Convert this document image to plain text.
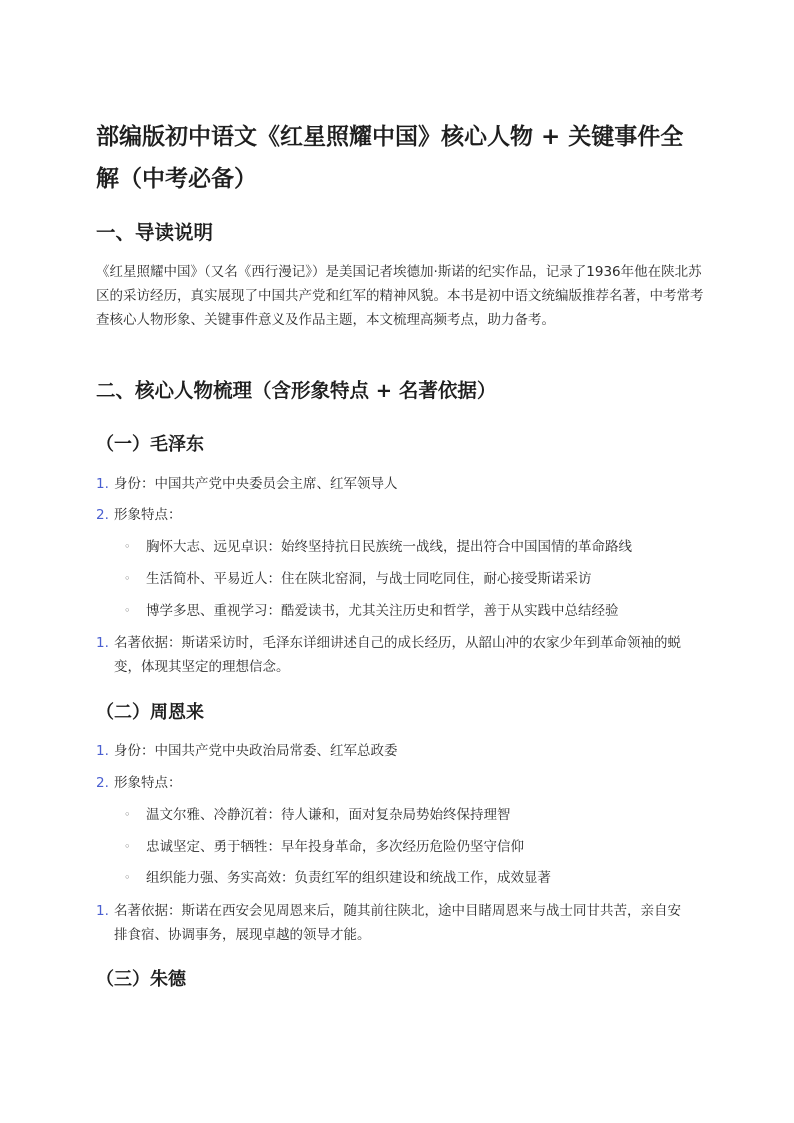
部编版初中语文《红星照耀中国》核心人物 + 关键事件全解（中考必备）
一、导读说明

《红星照耀中国》（又名《西行漫记》）是美国记者埃德加·斯诺的纪实作品，记录了1936年他在陕北苏区的采访经历，真实展现了中国共产党和红军的精神风貌。本书是初中语文统编版推荐名著，中考常考查核心人物形象、关键事件意义及作品主题，本文梳理高频考点，助力备考。

二、核心人物梳理（含形象特点 + 名著依据）
（一）毛泽东
1. 身份：中国共产党中央委员会主席、红军领导人
2. 形象特点：
◦	胸怀大志、远见卓识：始终坚持抗日民族统一战线，提出符合中国国情的革命路线
◦	生活简朴、平易近人：住在陕北窑洞，与战士同吃同住，耐心接受斯诺采访
◦	博学多思、重视学习：酷爱读书，尤其关注历史和哲学，善于从实践中总结经验
1. 名著依据：斯诺采访时，毛泽东详细讲述自己的成长经历，从韶山冲的农家少年到革命领袖的蜕变，体现其坚定的理想信念。
（二）周恩来
1. 身份：中国共产党中央政治局常委、红军总政委
2. 形象特点：
◦	温文尔雅、冷静沉着：待人谦和，面对复杂局势始终保持理智
◦	忠诚坚定、勇于牺牲：早年投身革命，多次经历危险仍坚守信仰
◦	组织能力强、务实高效：负责红军的组织建设和统战工作，成效显著
1. 名著依据：斯诺在西安会见周恩来后，随其前往陕北，途中目睹周恩来与战士同甘共苦，亲自安排食宿、协调事务，展现卓越的领导才能。
（三）朱德
